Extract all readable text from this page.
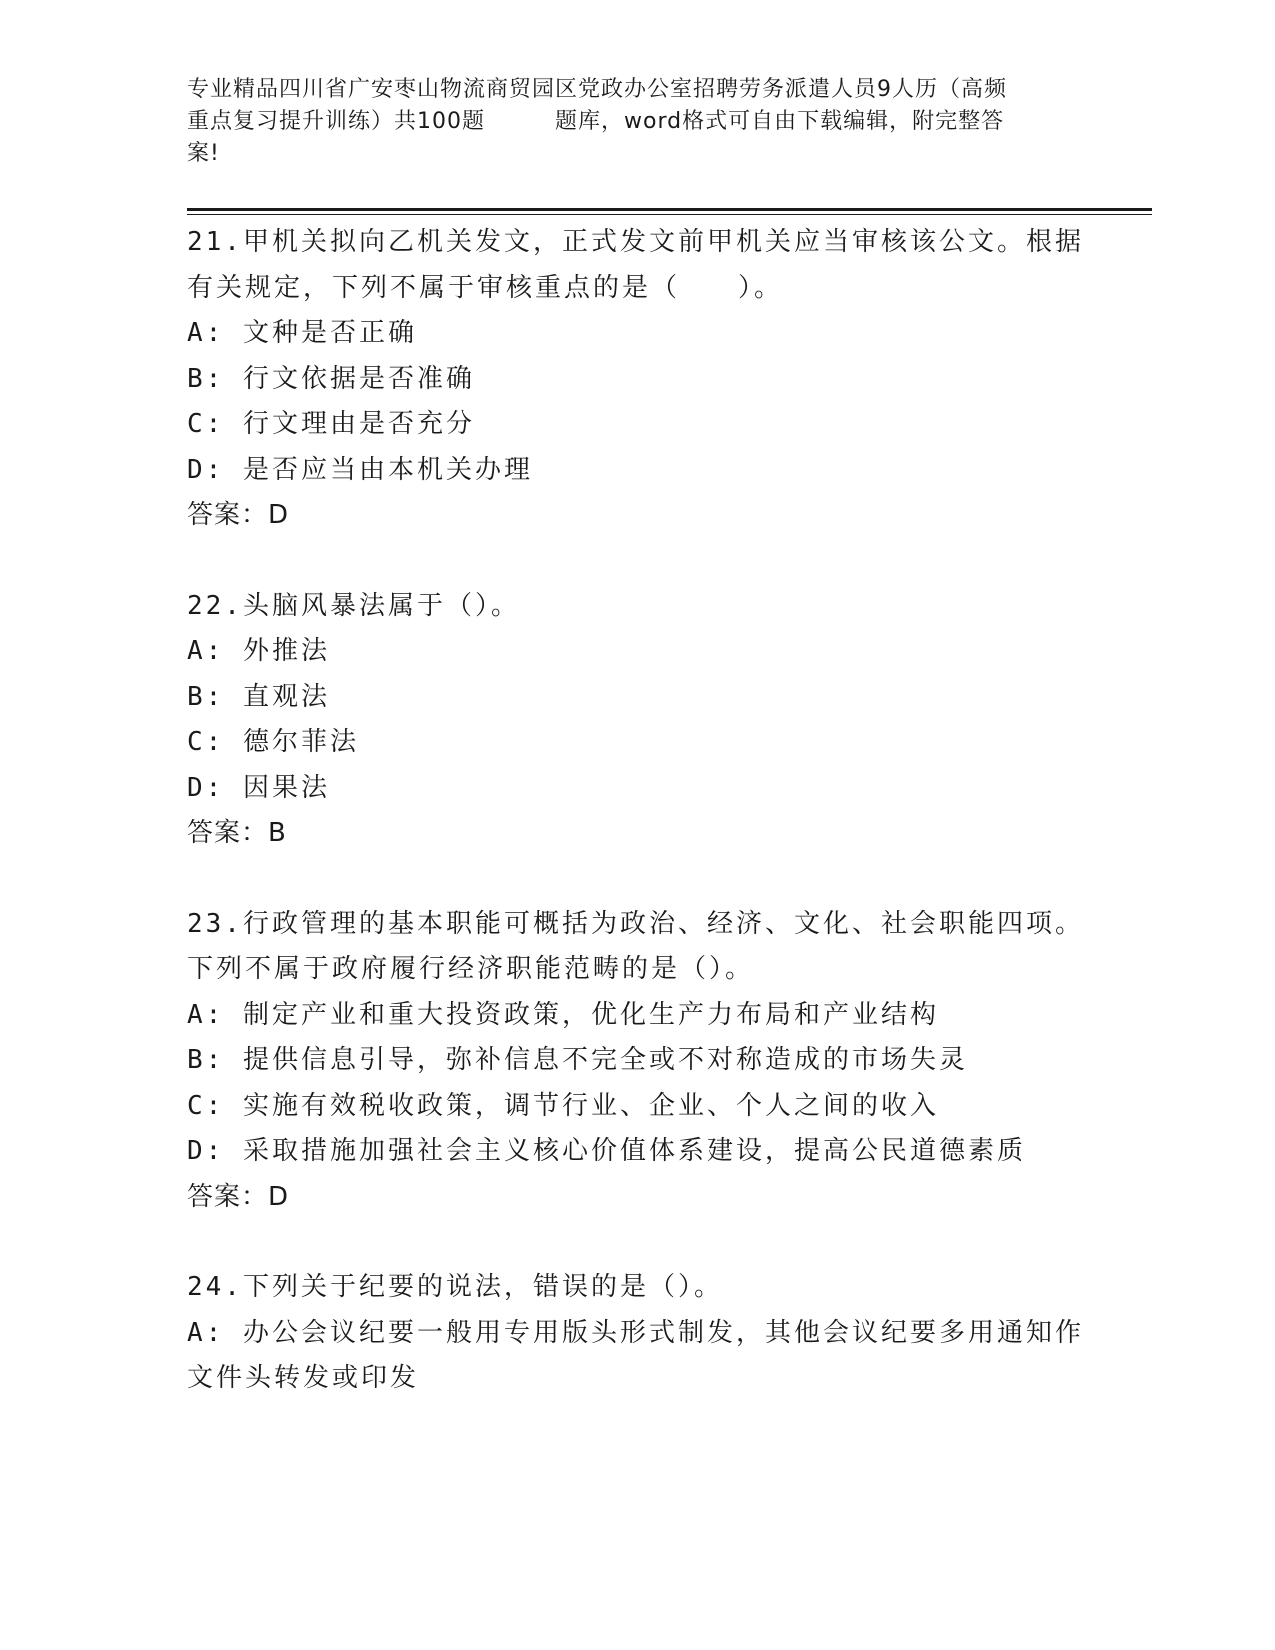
专业精品四川省广安枣山物流商贸园区党政办公室招聘劳务派遣人员9人历（高频
重点复习提升训练）共100题	题库，word格式可自由下载编辑，附完整答
案!
21.甲机关拟向乙机关发文，正式发文前甲机关应当审核该公文。根据
有关规定，下列不属于审核重点的是（　　）。
A: 文种是否正确
B: 行文依据是否准确
C: 行文理由是否充分
D: 是否应当由本机关办理
答案：D
22.头脑风暴法属于（）。
A: 外推法
B: 直观法
C: 德尔菲法
D: 因果法
答案：B
23.行政管理的基本职能可概括为政治、经济、文化、社会职能四项。
下列不属于政府履行经济职能范畴的是（）。
A: 制定产业和重大投资政策，优化生产力布局和产业结构
B: 提供信息引导，弥补信息不完全或不对称造成的市场失灵
C: 实施有效税收政策，调节行业、企业、个人之间的收入
D: 采取措施加强社会主义核心价值体系建设，提高公民道德素质
答案：D
24.下列关于纪要的说法，错误的是（）。
A: 办公会议纪要一般用专用版头形式制发，其他会议纪要多用通知作
文件头转发或印发
